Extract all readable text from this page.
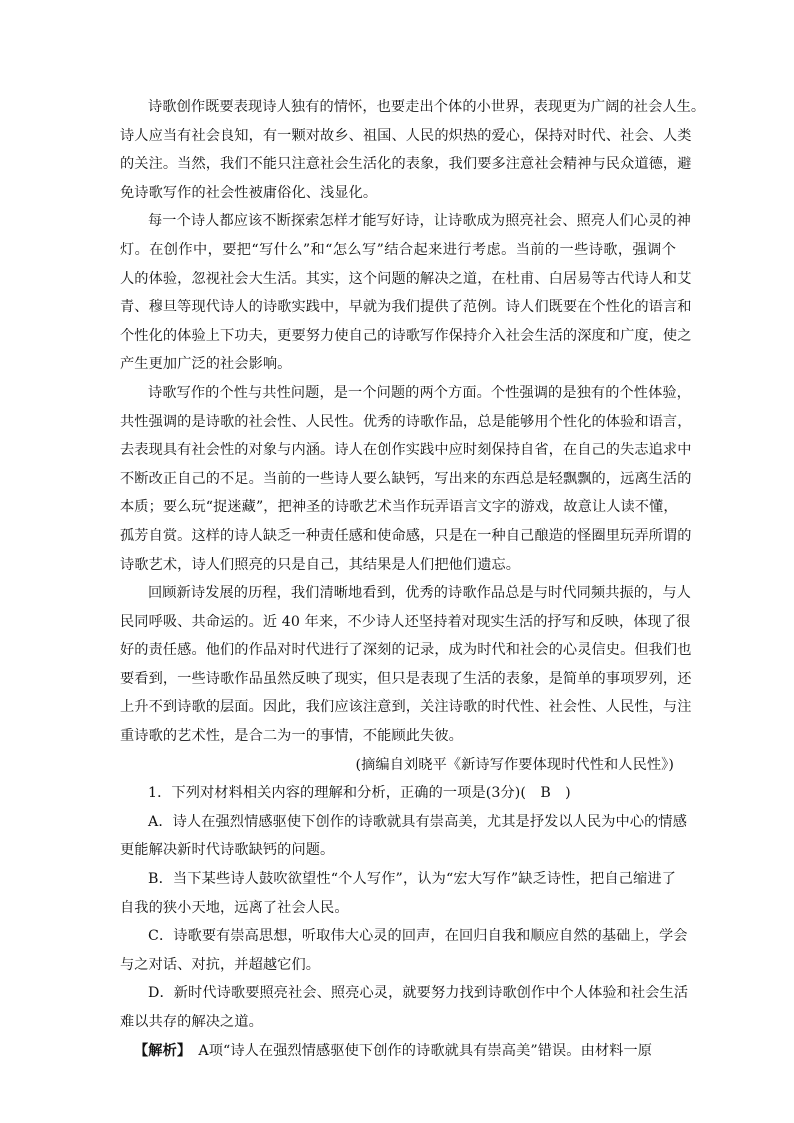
诗歌创作既要表现诗人独有的情怀，也要走出个体的小世界，表现更为广阔的社会人生。
诗人应当有社会良知，有一颗对故乡、祖国、人民的炽热的爱心，保持对时代、社会、人类
的关注。当然，我们不能只注意社会生活化的表象，我们要多注意社会精神与民众道德，避
免诗歌写作的社会性被庸俗化、浅显化。
每一个诗人都应该不断探索怎样才能写好诗，让诗歌成为照亮社会、照亮人们心灵的神
灯。在创作中，要把“写什么”和“怎么写”结合起来进行考虑。当前的一些诗歌，强调个
人的体验，忽视社会大生活。其实，这个问题的解决之道，在杜甫、白居易等古代诗人和艾
青、穆旦等现代诗人的诗歌实践中，早就为我们提供了范例。诗人们既要在个性化的语言和
个性化的体验上下功夫，更要努力使自己的诗歌写作保持介入社会生活的深度和广度，使之
产生更加广泛的社会影响。
诗歌写作的个性与共性问题，是一个问题的两个方面。个性强调的是独有的个性体验，
共性强调的是诗歌的社会性、人民性。优秀的诗歌作品，总是能够用个性化的体验和语言，
去表现具有社会性的对象与内涵。诗人在创作实践中应时刻保持自省，在自己的失志追求中
不断改正自己的不足。当前的一些诗人要么缺钙，写出来的东西总是轻飘飘的，远离生活的
本质；要么玩“捉迷藏”，把神圣的诗歌艺术当作玩弄语言文字的游戏，故意让人读不懂，
孤芳自赏。这样的诗人缺乏一种责任感和使命感，只是在一种自己酿造的怪圈里玩弄所谓的
诗歌艺术，诗人们照亮的只是自己，其结果是人们把他们遗忘。
回顾新诗发展的历程，我们清晰地看到，优秀的诗歌作品总是与时代同频共振的，与人
民同呼吸、共命运的。近 40 年来，不少诗人还坚持着对现实生活的抒写和反映，体现了很
好的责任感。他们的作品对时代进行了深刻的记录，成为时代和社会的心灵信史。但我们也
要看到，一些诗歌作品虽然反映了现实，但只是表现了生活的表象，是简单的事项罗列，还
上升不到诗歌的层面。因此，我们应该注意到，关注诗歌的时代性、社会性、人民性，与注
重诗歌的艺术性，是合二为一的事情，不能顾此失彼。
(摘编自刘晓平《新诗写作要体现时代性和人民性》)
1．下列对材料相关内容的理解和分析，正确的一项是(3分)(　B　)
A．诗人在强烈情感驱使下创作的诗歌就具有崇高美，尤其是抒发以人民为中心的情感
更能解决新时代诗歌缺钙的问题。
B．当下某些诗人鼓吹欲望性“个人写作”，认为“宏大写作”缺乏诗性，把自己缩进了
自我的狭小天地，远离了社会人民。
C．诗歌要有崇高思想，听取伟大心灵的回声，在回归自我和顺应自然的基础上，学会
与之对话、对抗，并超越它们。
D．新时代诗歌要照亮社会、照亮心灵，就要努力找到诗歌创作中个人体验和社会生活
难以共存的解决之道。
【解析】　A项“诗人在强烈情感驱使下创作的诗歌就具有崇高美”错误。由材料一原
